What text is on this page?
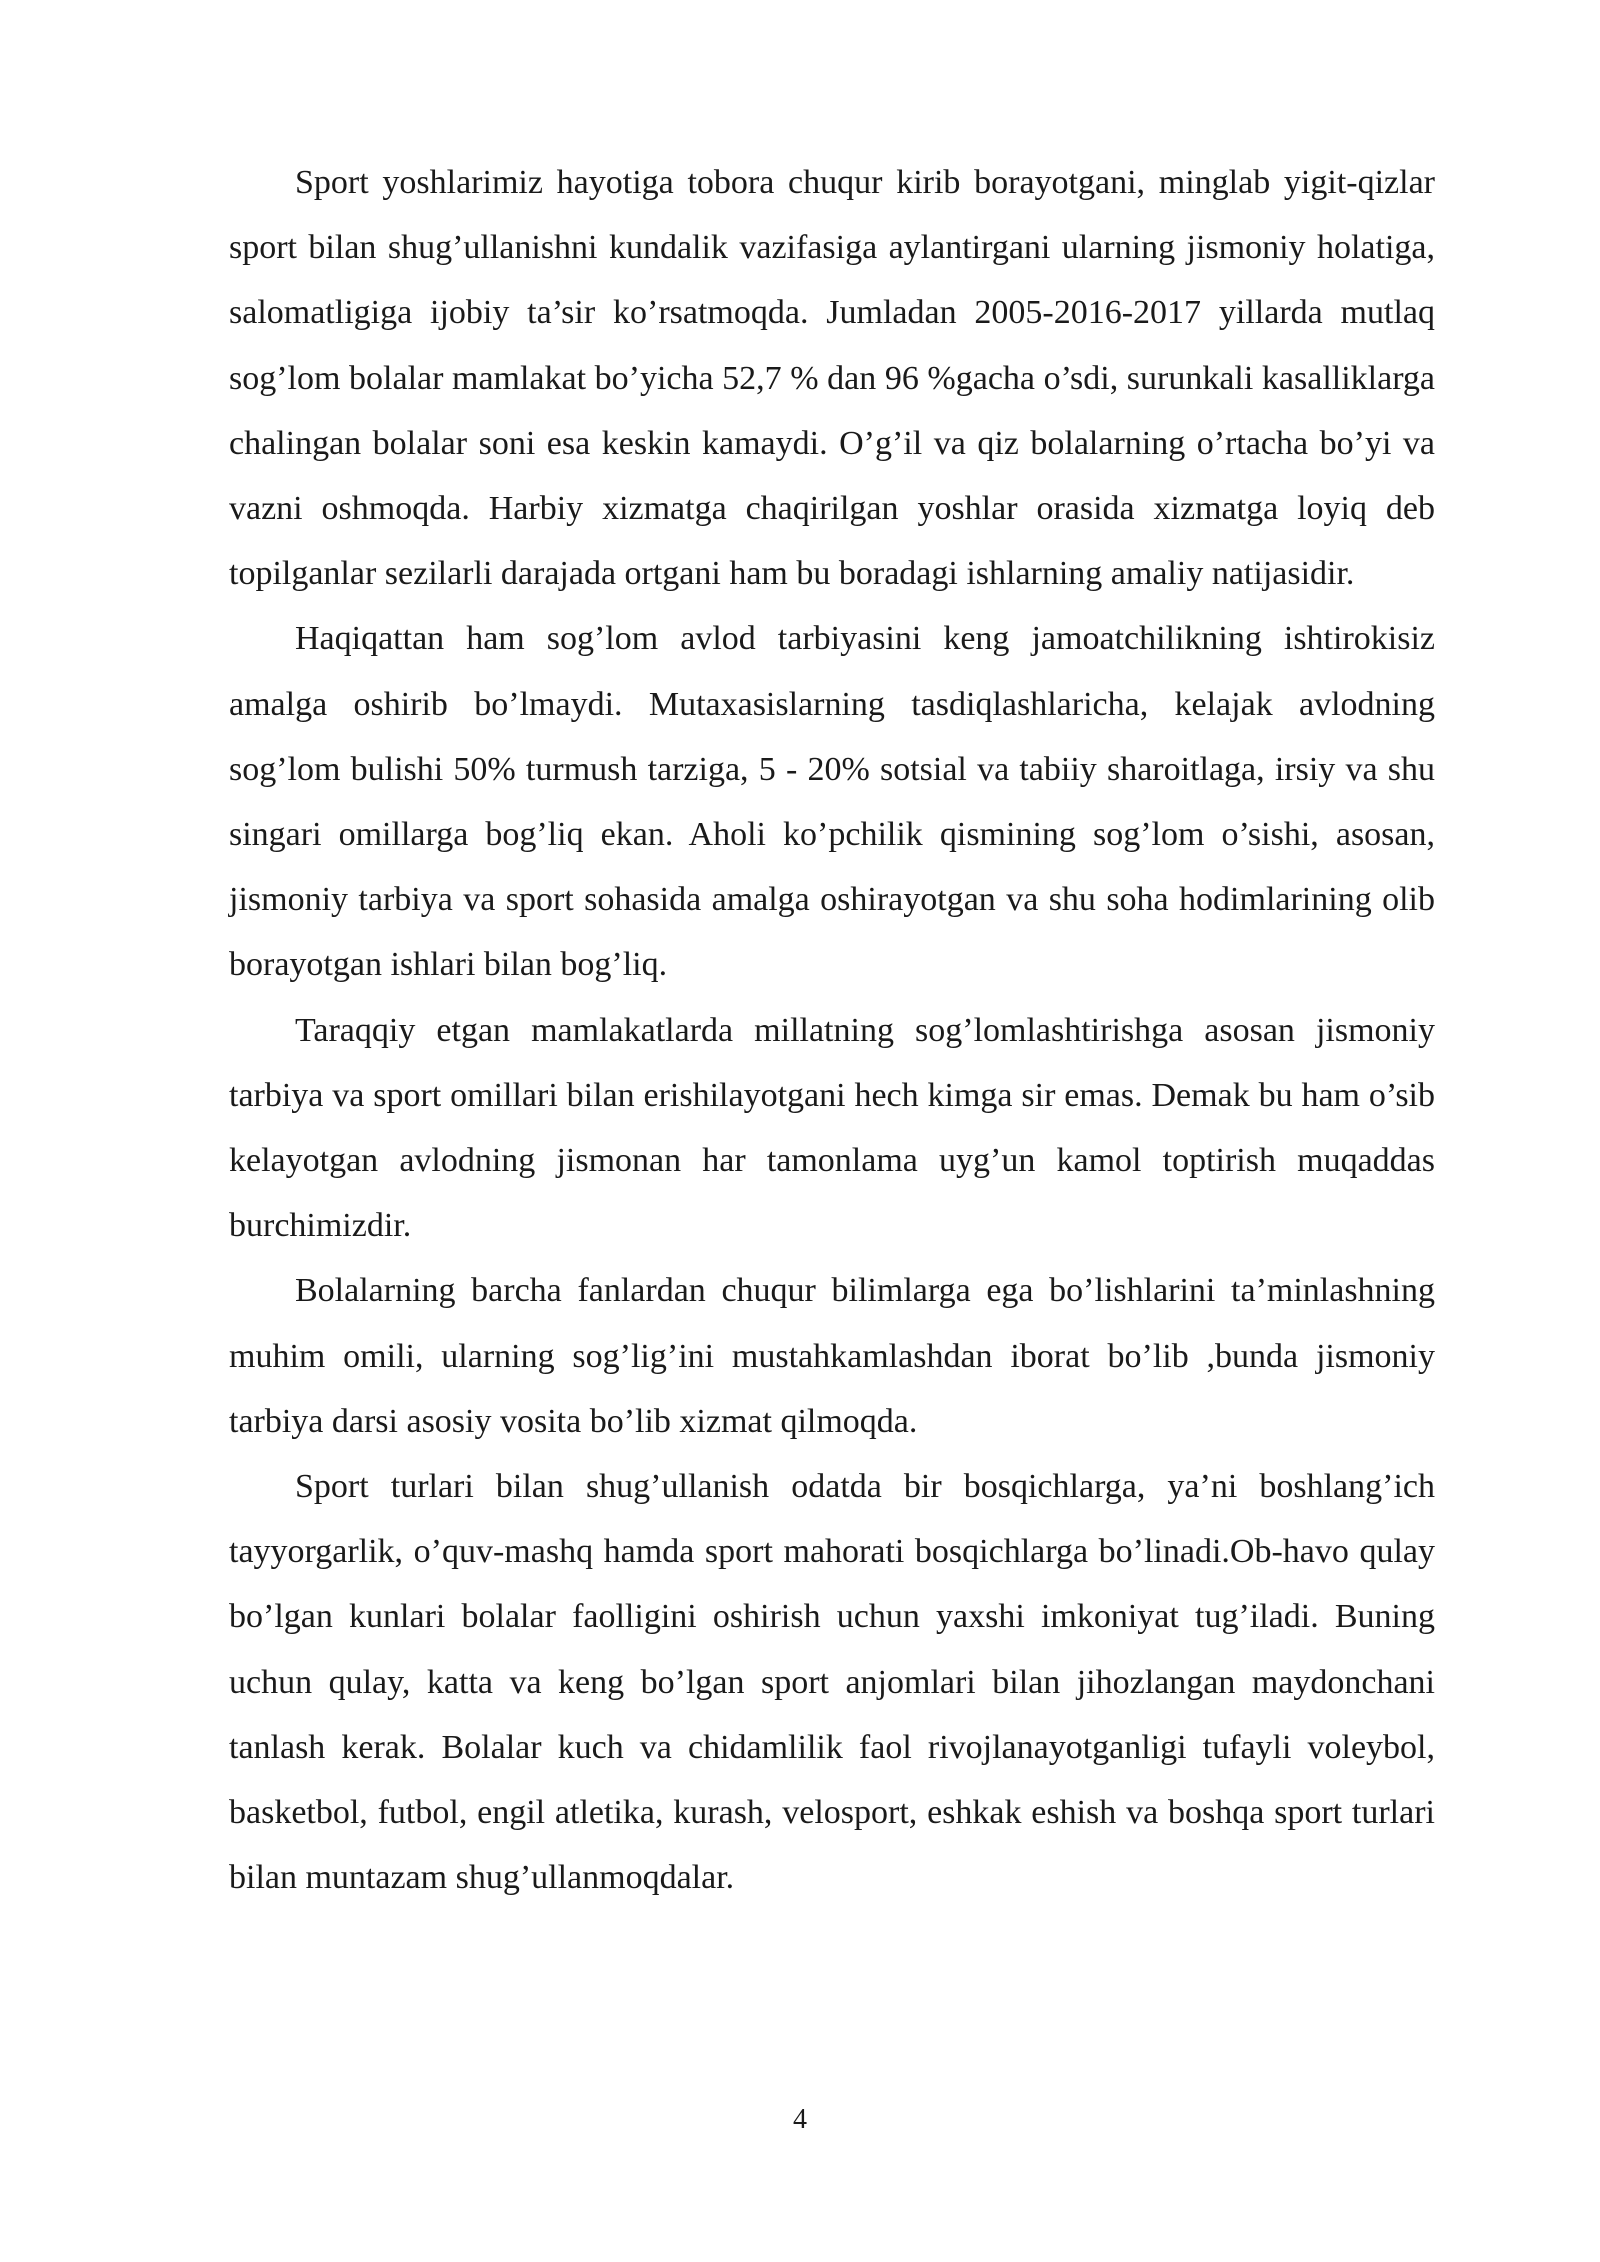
Sport yoshlarimiz hayotiga tobora chuqur kirib borayotgani, minglab yigit-qizlar sport bilan shug’ullanishni kundalik vazifasiga aylantirgani ularning jismoniy holatiga, salomatligiga ijobiy ta’sir ko’rsatmoqda. Jumladan 2005-2016-2017 yillarda mutlaq sog’lom bolalar mamlakat bo’yicha 52,7 % dan 96 %gacha o’sdi, surunkali kasalliklarga chalingan bolalar soni esa keskin kamaydi. O’g’il va qiz bolalarning o’rtacha bo’yi va vazni oshmoqda. Harbiy xizmatga chaqirilgan yoshlar orasida xizmatga loyiq deb topilganlar sezilarli darajada ortgani ham bu boradagi ishlarning amaliy natijasidir.

Haqiqattan ham sog’lom avlod tarbiyasini keng jamoatchilikning ishtirokisiz amalga oshirib bo’lmaydi. Mutaxasislarning tasdiqlashlaricha, kelajak avlodning sog’lom bulishi 50% turmush tarziga, 5 - 20% sotsial va tabiiy sharoitlaga, irsiy va shu singari omillarga bog’liq ekan. Aholi ko’pchilik qismining sog’lom o’sishi, asosan, jismoniy tarbiya va sport sohasida amalga oshirayotgan va shu soha hodimlarining olib borayotgan ishlari bilan bog’liq.

Taraqqiy etgan mamlakatlarda millatning sog’lomlashtirishga asosan jismoniy tarbiya va sport omillari bilan erishilayotgani hech kimga sir emas. Demak bu ham o’sib kelayotgan avlodning jismonan har tamonlama uyg’un kamol toptirish muqaddas burchimizdir.

Bolalarning barcha fanlardan chuqur bilimlarga ega bo’lishlarini ta’minlashning muhim omili, ularning sog’lig’ini mustahkamlashdan iborat bo’lib ,bunda jismoniy tarbiya darsi asosiy vosita bo’lib xizmat qilmoqda.

Sport turlari bilan shug’ullanish odatda bir bosqichlarga, ya’ni boshlang’ich tayyorgarlik, o’quv-mashq hamda sport mahorati bosqichlarga bo’linadi.Ob-havo qulay bo’lgan kunlari bolalar faolligini oshirish uchun yaxshi imkoniyat tug’iladi. Buning uchun qulay, katta va keng bo’lgan sport anjomlari bilan jihozlangan maydonchani tanlash kerak. Bolalar kuch va chidamlilik faol rivojlanayotganligi tufayli voleybol, basketbol, futbol, engil atletika, kurash, velosport, eshkak eshish va boshqa sport turlari bilan muntazam shug’ullanmoqdalar.

4
